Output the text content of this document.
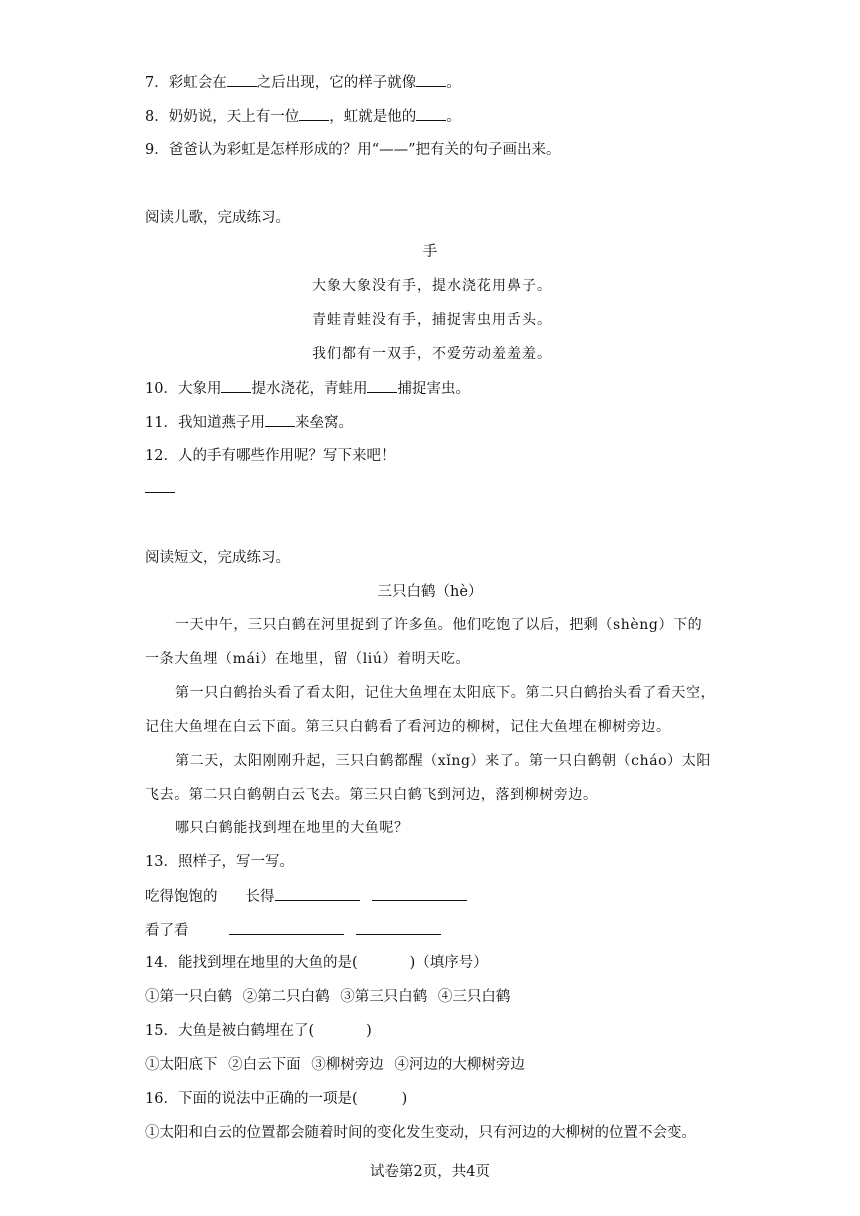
7．彩虹会在 之后出现，它的样子就像 。
8．奶奶说，天上有一位 ，虹就是他的 。
9．爸爸认为彩虹是怎样形成的？用“——”把有关的句子画出来。
阅读儿歌，完成练习。
手
大象大象没有手，提水浇花用鼻子。
青蛙青蛙没有手，捕捉害虫用舌头。
我们都有一双手，不爱劳动羞羞羞。
10．大象用 提水浇花，青蛙用 捕捉害虫。
11．我知道燕子用 来垒窝。
12．人的手有哪些作用呢？写下来吧！
阅读短文，完成练习。
三只白鹤（hè）
一天中午，三只白鹤在河里捉到了许多鱼。他们吃饱了以后，把剩（shèng）下的
一条大鱼埋（mái）在地里，留（liú）着明天吃。
第一只白鹤抬头看了看太阳，记住大鱼埋在太阳底下。第二只白鹤抬头看了看天空，
记住大鱼埋在白云下面。第三只白鹤看了看河边的柳树，记住大鱼埋在柳树旁边。
第二天，太阳刚刚升起，三只白鹤都醒（xǐng）来了。第一只白鹤朝（cháo）太阳
飞去。第二只白鹤朝白云飞去。第三只白鹤飞到河边，落到柳树旁边。
哪只白鹤能找到埋在地里的大鱼呢？
13．照样子，写一写。
吃得饱饱的 长得
看了看
14．能找到埋在地里的大鱼的是(	)（填序号）
①第一只白鹤 ②第二只白鹤 ③第三只白鹤 ④三只白鹤
15．大鱼是被白鹤埋在了(	)
①太阳底下 ②白云下面 ③柳树旁边 ④河边的大柳树旁边
16．下面的说法中正确的一项是(	)
①太阳和白云的位置都会随着时间的变化发生变动，只有河边的大柳树的位置不会变。
试卷第2页，共4页
